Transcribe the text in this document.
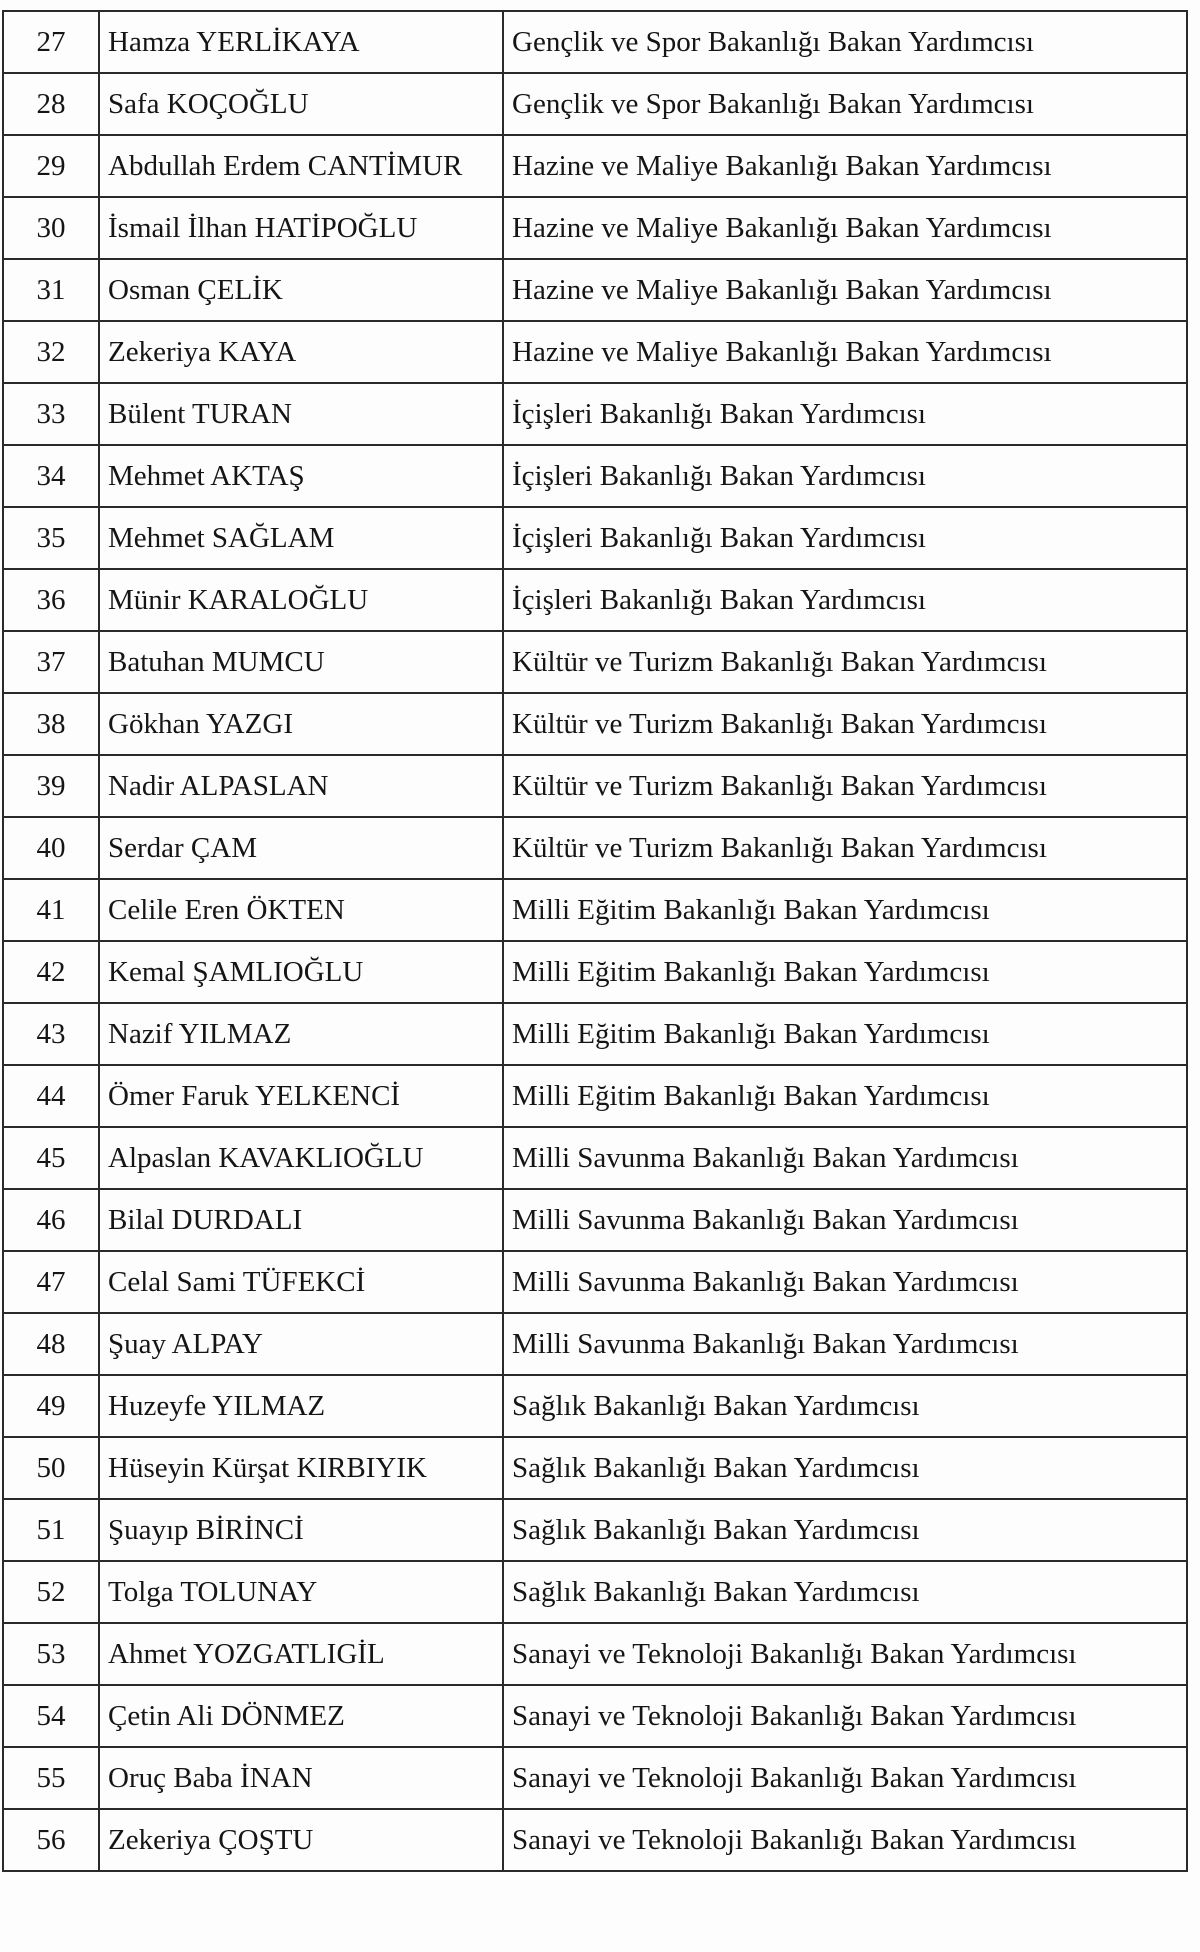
27	Hamza YERLİKAYA	Gençlik ve Spor Bakanlığı Bakan Yardımcısı
28	Safa KOÇOĞLU	Gençlik ve Spor Bakanlığı Bakan Yardımcısı
29	Abdullah Erdem CANTİMUR	Hazine ve Maliye Bakanlığı Bakan Yardımcısı
30	İsmail İlhan HATİPOĞLU	Hazine ve Maliye Bakanlığı Bakan Yardımcısı
31	Osman ÇELİK	Hazine ve Maliye Bakanlığı Bakan Yardımcısı
32	Zekeriya KAYA	Hazine ve Maliye Bakanlığı Bakan Yardımcısı
33	Bülent TURAN	İçişleri Bakanlığı Bakan Yardımcısı
34	Mehmet AKTAŞ	İçişleri Bakanlığı Bakan Yardımcısı
35	Mehmet SAĞLAM	İçişleri Bakanlığı Bakan Yardımcısı
36	Münir KARALOĞLU	İçişleri Bakanlığı Bakan Yardımcısı
37	Batuhan MUMCU	Kültür ve Turizm Bakanlığı Bakan Yardımcısı
38	Gökhan YAZGI	Kültür ve Turizm Bakanlığı Bakan Yardımcısı
39	Nadir ALPASLAN	Kültür ve Turizm Bakanlığı Bakan Yardımcısı
40	Serdar ÇAM	Kültür ve Turizm Bakanlığı Bakan Yardımcısı
41	Celile Eren ÖKTEN	Milli Eğitim Bakanlığı Bakan Yardımcısı
42	Kemal ŞAMLIOĞLU	Milli Eğitim Bakanlığı Bakan Yardımcısı
43	Nazif YILMAZ	Milli Eğitim Bakanlığı Bakan Yardımcısı
44	Ömer Faruk YELKENCİ	Milli Eğitim Bakanlığı Bakan Yardımcısı
45	Alpaslan KAVAKLIOĞLU	Milli Savunma Bakanlığı Bakan Yardımcısı
46	Bilal DURDALI	Milli Savunma Bakanlığı Bakan Yardımcısı
47	Celal Sami TÜFEKCİ	Milli Savunma Bakanlığı Bakan Yardımcısı
48	Şuay ALPAY	Milli Savunma Bakanlığı Bakan Yardımcısı
49	Huzeyfe YILMAZ	Sağlık Bakanlığı Bakan Yardımcısı
50	Hüseyin Kürşat KIRBIYIK	Sağlık Bakanlığı Bakan Yardımcısı
51	Şuayıp BİRİNCİ	Sağlık Bakanlığı Bakan Yardımcısı
52	Tolga TOLUNAY	Sağlık Bakanlığı Bakan Yardımcısı
53	Ahmet YOZGATLIGİL	Sanayi ve Teknoloji Bakanlığı Bakan Yardımcısı
54	Çetin Ali DÖNMEZ	Sanayi ve Teknoloji Bakanlığı Bakan Yardımcısı
55	Oruç Baba İNAN	Sanayi ve Teknoloji Bakanlığı Bakan Yardımcısı
56	Zekeriya ÇOŞTU	Sanayi ve Teknoloji Bakanlığı Bakan Yardımcısı
